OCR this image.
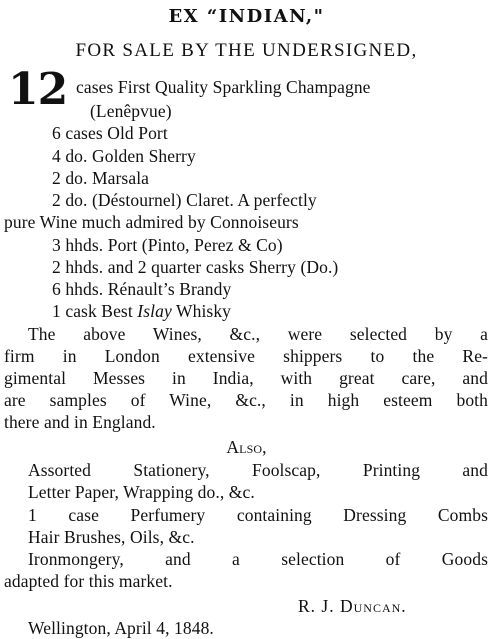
EX “INDIAN,"
FOR SALE BY THE UNDERSIGNED,
12 cases First Quality Sparkling Champagne
(Lenêpvue)
6 cases Old Port
4 do. Golden Sherry
2 do. Marsala
2 do. (Déstournel) Claret. A perfectly
pure Wine much admired by Connoiseurs
3 hhds. Port (Pinto, Perez & Co)
2 hhds. and 2 quarter casks Sherry (Do.)
6 hhds. Rénault’s Brandy
1 cask Best Islay Whisky
The above Wines, &c., were selected by a
firm in London extensive shippers to the Re-
gimental Messes in India, with great care, and
are samples of Wine, &c., in high esteem both
there and in England.
Also,
Assorted Stationery, Foolscap, Printing and
Letter Paper, Wrapping do., &c.
1 case Perfumery containing Dressing Combs
Hair Brushes, Oils, &c.
Ironmongery, and a selection of Goods
adapted for this market.
R. J. Duncan.
Wellington, April 4, 1848.
